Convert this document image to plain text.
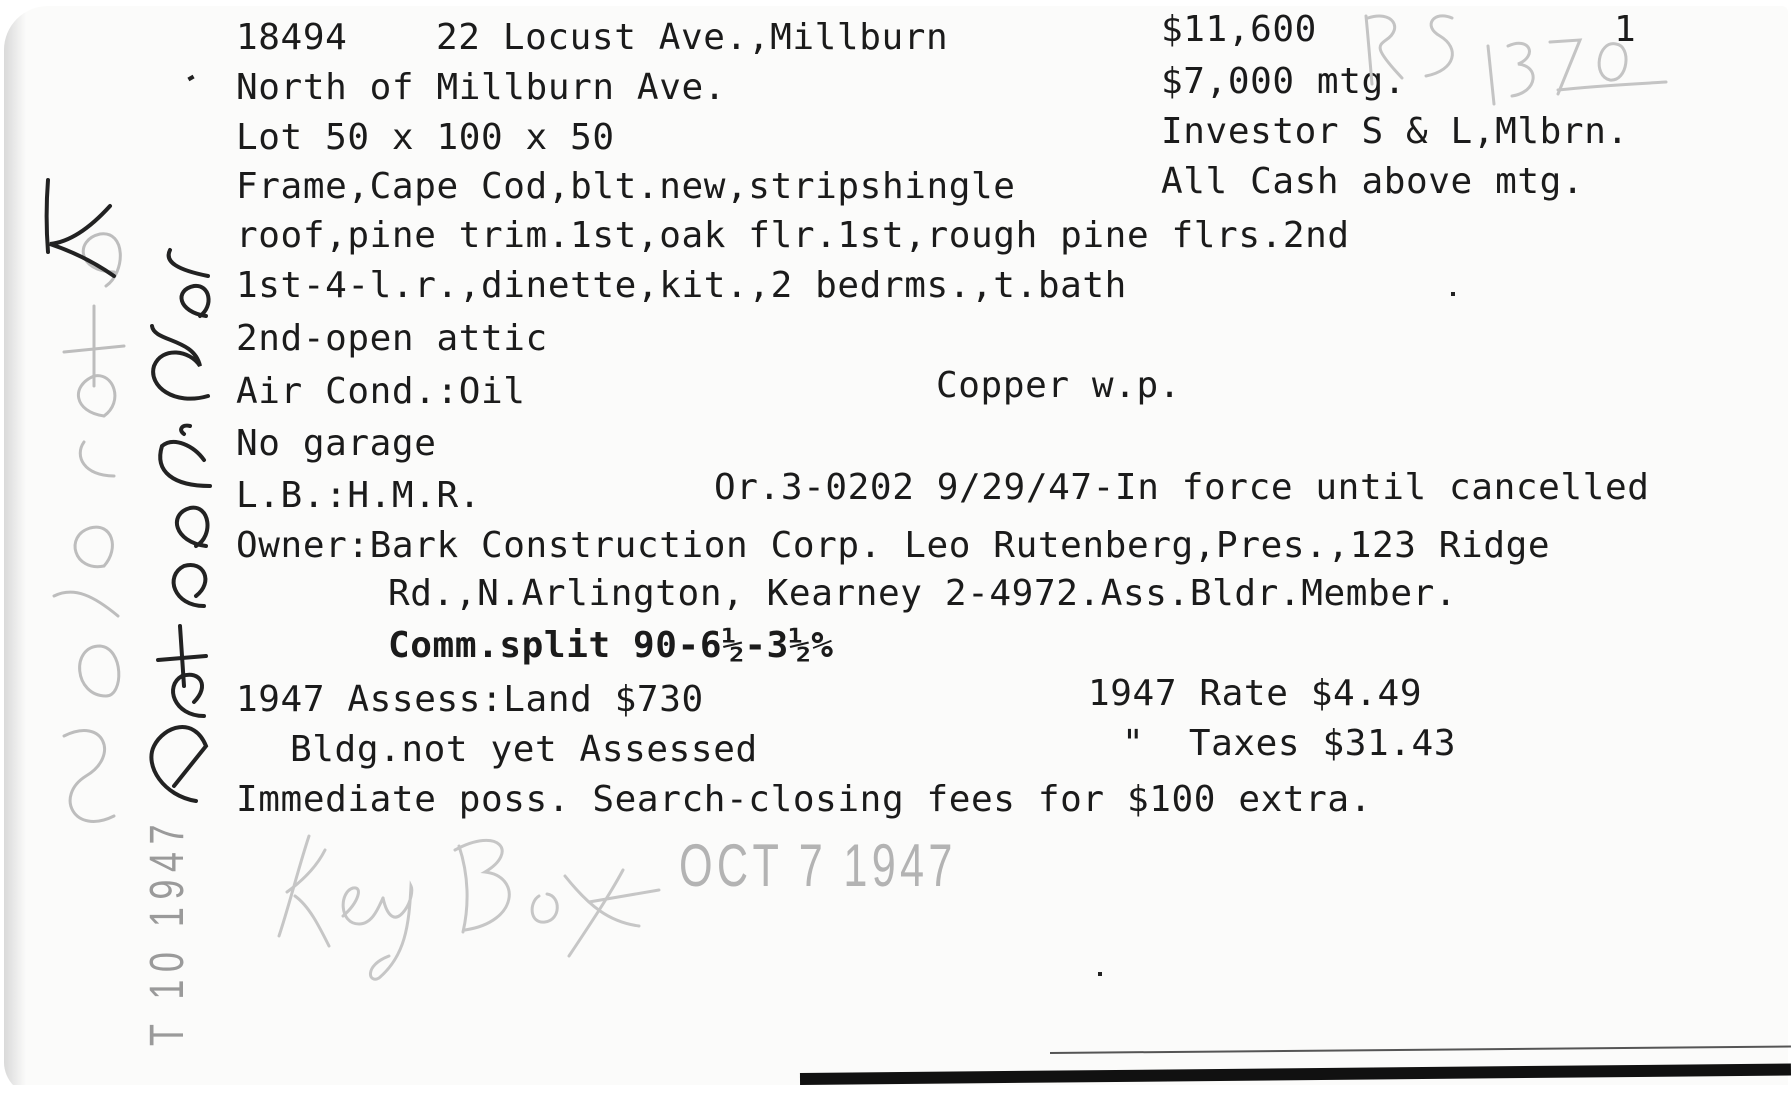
18494 22 Locust Ave.,Millburn	$11,600	1
North of Millburn Ave.	$7,000 mtg.
Lot 50 x 100 x 50	Investor S & L,Mlbrn.
Frame,Cape Cod,blt.new,stripshingle	All Cash above mtg.
roof,pine trim.1st,oak flr.1st,rough pine flrs.2nd
1st-4-l.r.,dinette,kit.,2 bedrms.,t.bath
2nd-open attic
Air Cond.:Oil	Copper w.p.
No garage
L.B.:H.M.R.	Or.3-0202 9/29/47-In force until cancelled
Owner:Bark Construction Corp. Leo Rutenberg,Pres.,123 Ridge
Rd.,N.Arlington, Kearney 2-4972.Ass.Bldr.Member.
Comm.split 90-6½-3½%
1947 Assess:Land $730	1947 Rate $4.49
Bldg.not yet Assessed	"  Taxes $31.43
Immediate poss. Search-closing fees for $100 extra.
OCT 7 1947
T 10 1947
